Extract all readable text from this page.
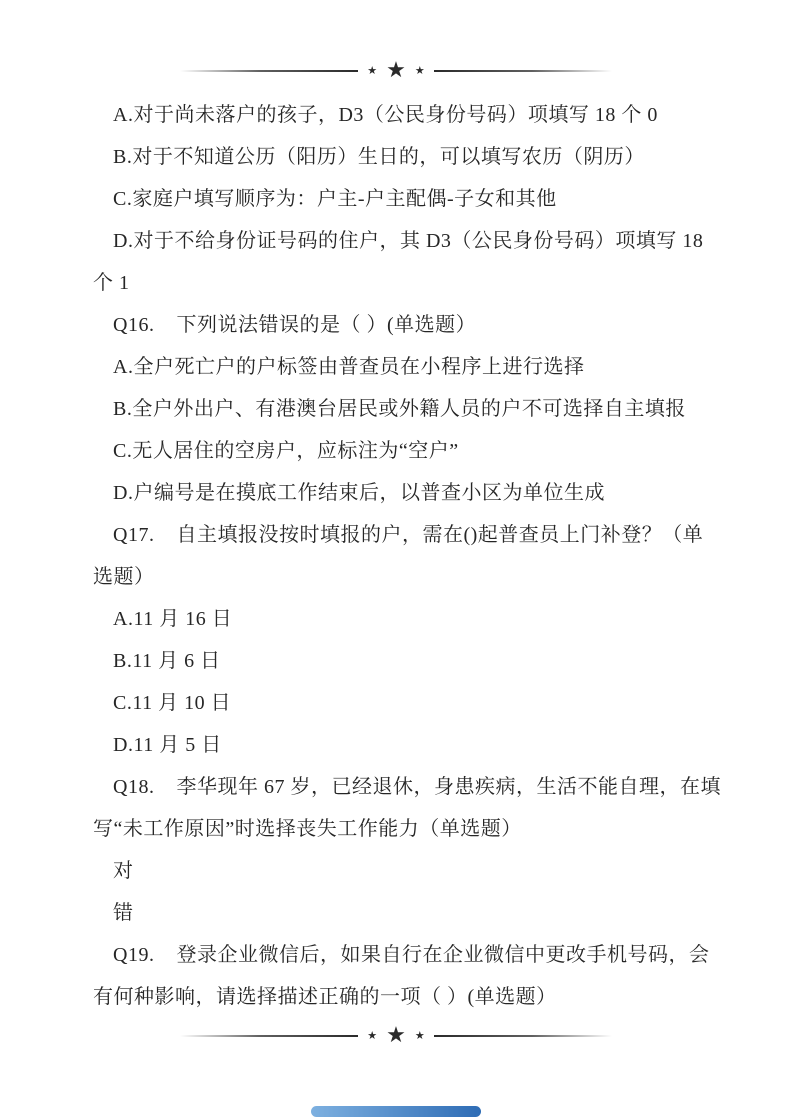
★ ★ ★
A.对于尚未落户的孩子，D3（公民身份号码）项填写 18 个 0
B.对于不知道公历（阳历）生日的，可以填写农历（阴历）
C.家庭户填写顺序为：户主-户主配偶-子女和其他
D.对于不给身份证号码的住户，其 D3（公民身份号码）项填写 18
个 1
Q16.    下列说法错误的是（ ）(单选题）
A.全户死亡户的户标签由普查员在小程序上进行选择
B.全户外出户、有港澳台居民或外籍人员的户不可选择自主填报
C.无人居住的空房户，应标注为“空户”
D.户编号是在摸底工作结束后，以普查小区为单位生成
Q17.    自主填报没按时填报的户，需在()起普查员上门补登？（单
选题）
A.11 月 16 日
B.11 月 6 日
C.11 月 10 日
D.11 月 5 日
Q18.    李华现年 67 岁，已经退休，身患疾病，生活不能自理，在填
写“未工作原因”时选择丧失工作能力（单选题）
对
错
Q19.    登录企业微信后，如果自行在企业微信中更改手机号码，会
有何种影响，请选择描述正确的一项（ ）(单选题）
★ ★ ★
